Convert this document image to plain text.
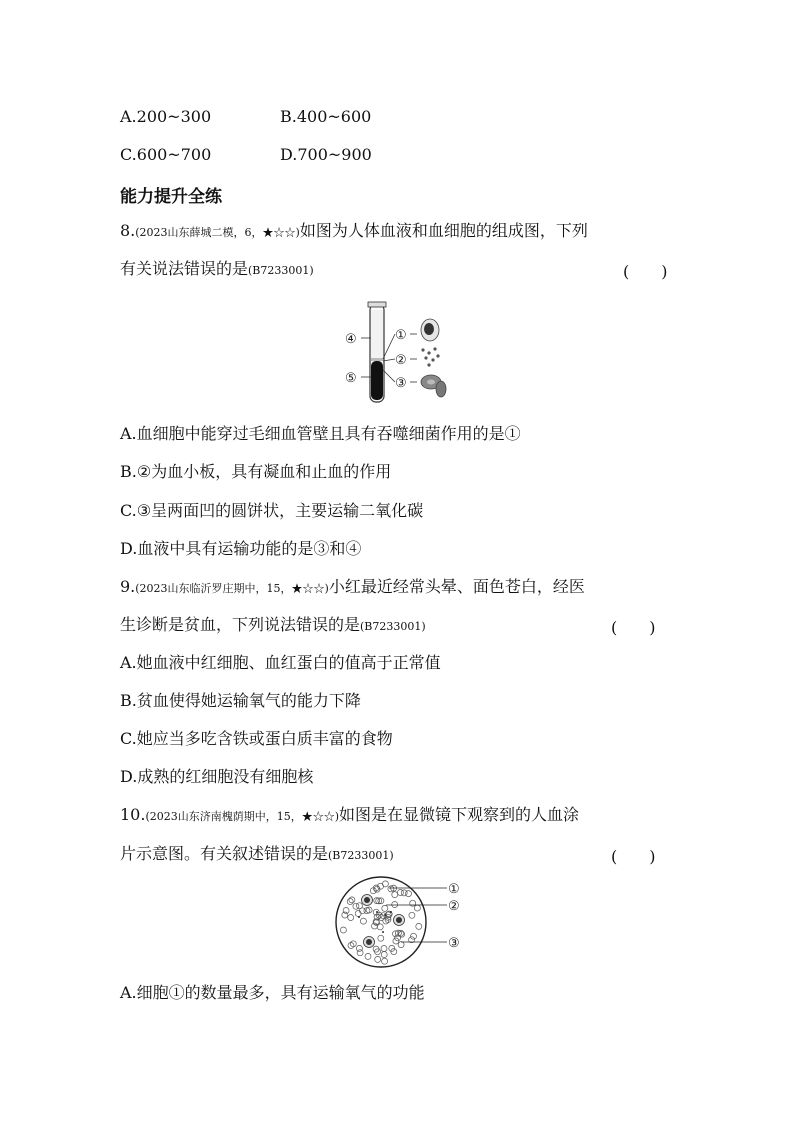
A.200~300	B.400~600
C.600~700	D.700~900
能力提升全练
8.(2023山东薛城二模，6，★☆☆)如图为人体血液和血细胞的组成图，下列
有关说法错误的是(B7233001)	(　　)
④
⑤
①
②
③
A.血细胞中能穿过毛细血管壁且具有吞噬细菌作用的是①
B.②为血小板，具有凝血和止血的作用
C.③呈两面凹的圆饼状，主要运输二氧化碳
D.血液中具有运输功能的是③和④
9.(2023山东临沂罗庄期中，15，★☆☆)小红最近经常头晕、面色苍白，经医
生诊断是贫血，下列说法错误的是(B7233001)	(　　)
A.她血液中红细胞、血红蛋白的值高于正常值
B.贫血使得她运输氧气的能力下降
C.她应当多吃含铁或蛋白质丰富的食物
D.成熟的红细胞没有细胞核
10.(2023山东济南槐荫期中，15，★☆☆)如图是在显微镜下观察到的人血涂
片示意图。有关叙述错误的是(B7233001)	(　　)
①
②
③
A.细胞①的数量最多，具有运输氧气的功能
